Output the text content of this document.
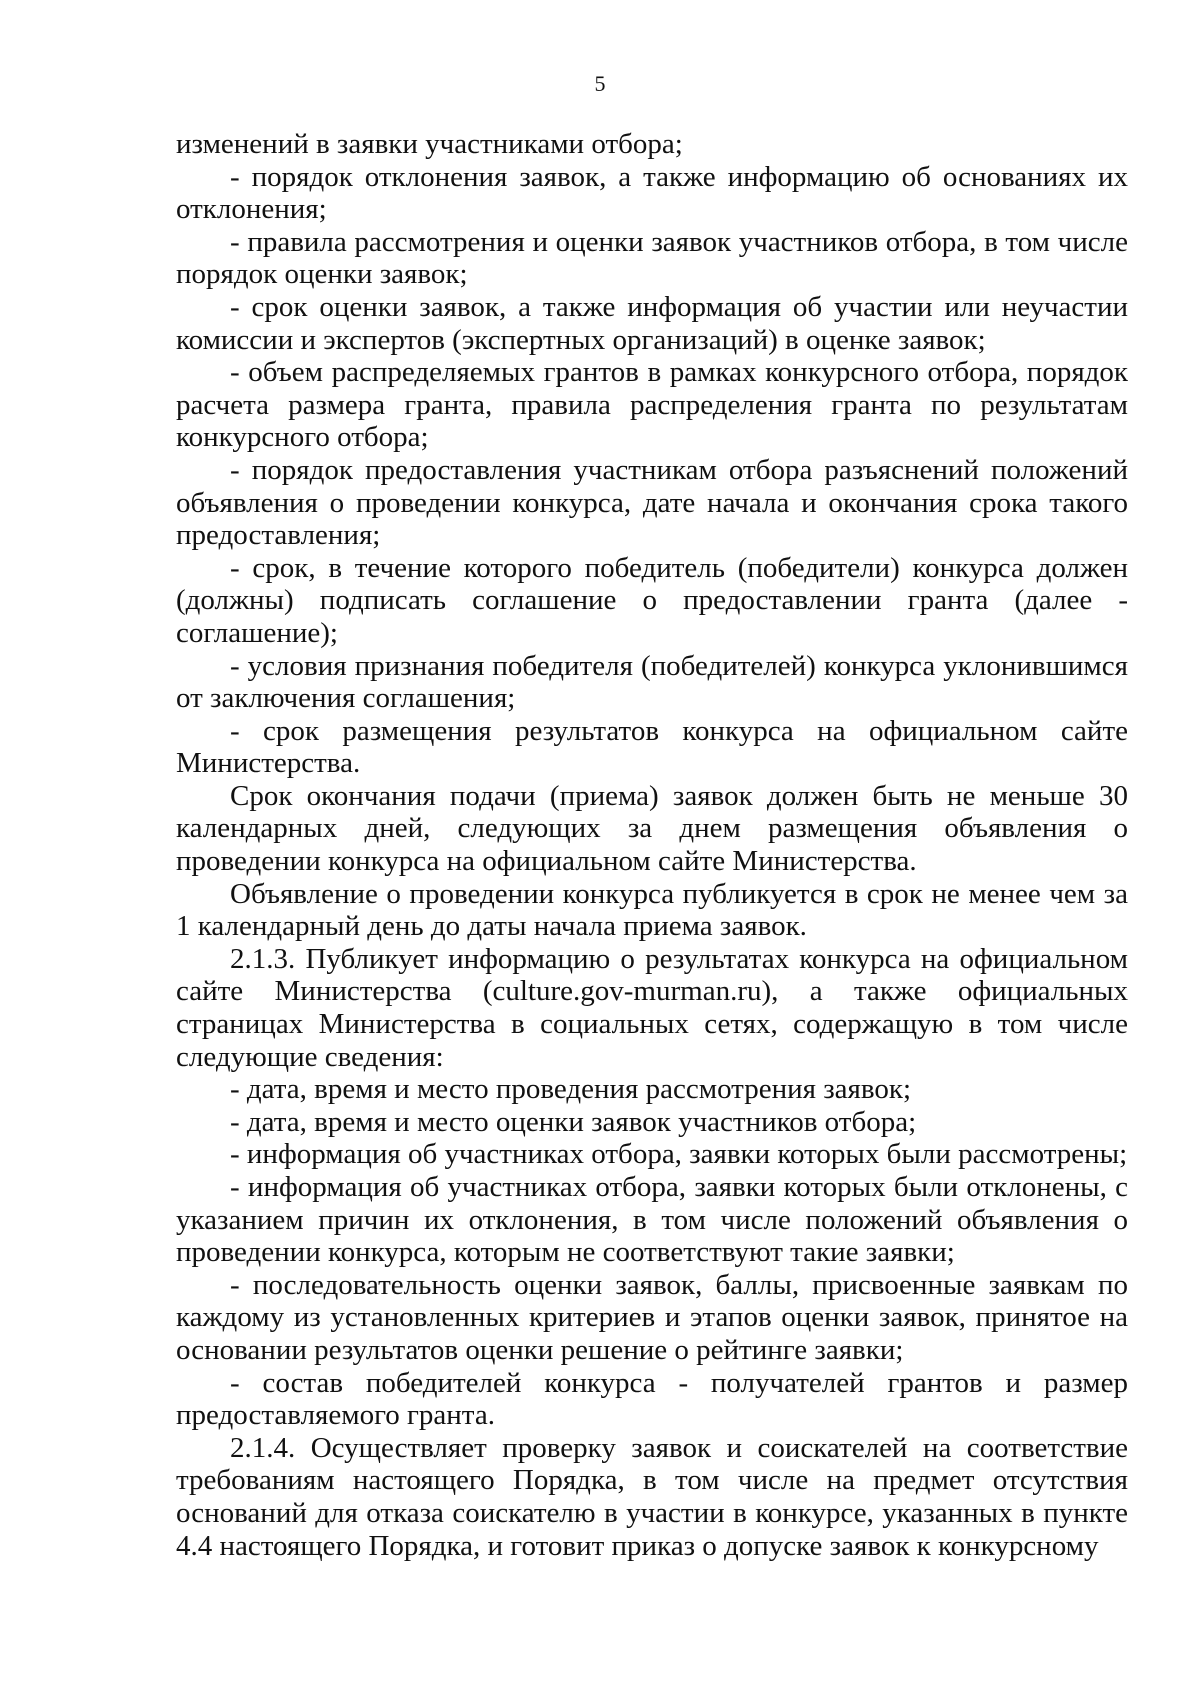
5

изменений в заявки участниками отбора;

- порядок отклонения заявок, а также информацию об основаниях их отклонения;

- правила рассмотрения и оценки заявок участников отбора, в том числе порядок оценки заявок;

- срок оценки заявок, а также информация об участии или неучастии комиссии и экспертов (экспертных организаций) в оценке заявок;

- объем распределяемых грантов в рамках конкурсного отбора, порядок расчета размера гранта, правила распределения гранта по результатам конкурсного отбора;

- порядок предоставления участникам отбора разъяснений положений объявления о проведении конкурса, дате начала и окончания срока такого предоставления;

- срок, в течение которого победитель (победители) конкурса должен (должны) подписать соглашение о предоставлении гранта (далее - соглашение);

- условия признания победителя (победителей) конкурса уклонившимся от заключения соглашения;

- срок размещения результатов конкурса на официальном сайте Министерства.

Срок окончания подачи (приема) заявок должен быть не меньше 30 календарных дней, следующих за днем размещения объявления о проведении конкурса на официальном сайте Министерства.

Объявление о проведении конкурса публикуется в срок не менее чем за 1 календарный день до даты начала приема заявок.

2.1.3. Публикует информацию о результатах конкурса на официальном сайте Министерства (culture.gov-murman.ru), а также официальных страницах Министерства в социальных сетях, содержащую в том числе следующие сведения:

- дата, время и место проведения рассмотрения заявок;

- дата, время и место оценки заявок участников отбора;

- информация об участниках отбора, заявки которых были рассмотрены;

- информация об участниках отбора, заявки которых были отклонены, с указанием причин их отклонения, в том числе положений объявления о проведении конкурса, которым не соответствуют такие заявки;

- последовательность оценки заявок, баллы, присвоенные заявкам по каждому из установленных критериев и этапов оценки заявок, принятое на основании результатов оценки решение о рейтинге заявки;

- состав победителей конкурса - получателей грантов и размер предоставляемого гранта.

2.1.4. Осуществляет проверку заявок и соискателей на соответствие требованиям настоящего Порядка, в том числе на предмет отсутствия оснований для отказа соискателю в участии в конкурсе, указанных в пункте 4.4 настоящего Порядка, и готовит приказ о допуске заявок к конкурсному
